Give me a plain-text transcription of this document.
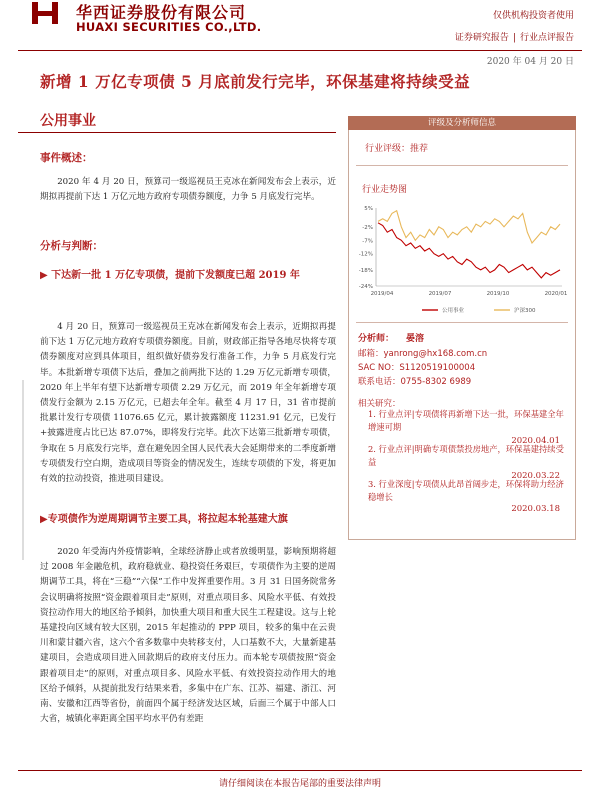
华西证券股份有限公司
HUAXI SECURITIES CO.,LTD.
仅供机构投资者使用
证券研究报告 | 行业点评报告
2020 年 04 月 20 日
新增 1 万亿专项债 5 月底前发行完毕，环保基建将持续受益
公用事业
事件概述：
2020 年 4 月 20 日，预算司一级巡视员王克冰在新闻发布会上表示，近期拟再提前下达 1 万亿元地方政府专项债券额度，力争 5 月底发行完毕。
分析与判断：
▶ 下达新一批 1 万亿专项债，提前下发额度已超 2019 年
4 月 20 日，预算司一级巡视员王克冰在新闻发布会上表示，近期拟再提前下达 1 万亿元地方政府专项债券额度。目前，财政部正指导各地尽快将专项债券额度对应到具体项目，组织做好债券发行准备工作，力争 5 月底发行完毕。本批新增专项债下达后，叠加之前两批下达的 1.29 万亿元新增专项债，2020 年上半年有望下达新增专项债 2.29 万亿元，而 2019 年全年新增专项债发行金额为 2.15 万亿元，已超去年全年。截至 4 月 17 日，31 省市提前批累计发行专项债 11076.65 亿元，累计披露额度 11231.91 亿元，已发行+披露进度占比已达 87.07%，即将发行完毕。此次下达第三批新增专项债，争取在 5 月底发行完毕，意在避免因全国人民代表大会延期带来的二季度新增专项债发行空白期，造成项目等资金的情况发生，连续专项债的下发，将更加有效的拉动投资，推进项目建设。
▶专项债作为逆周期调节主要工具，将拉起本轮基建大旗
2020 年受海内外疫情影响，全球经济静止或者放缓明显，影响预期将超过 2008 年金融危机，政府稳就业、稳投资任务艰巨，专项债作为主要的逆周期调节工具，将在“三稳”“六保”工作中发挥重要作用。3 月 31 日国务院常务会议明确将按照“资金跟着项目走”原则，对重点项目多、风险水平低、有效投资拉动作用大的地区给予倾斜，加快重大项目和重大民生工程建设。这与上轮基建投向区域有较大区别，2015 年起推动的 PPP 项目，较多的集中在云贵川和蒙甘疆六省，这六个省多数靠中央转移支付，人口基数不大，大量新建基建项目，会造成项目进入回款期后的政府支付压力。而本轮专项债按照“资金跟着项目走”的原则，对重点项目多、风险水平低、有效投资拉动作用大的地区给予倾斜，从提前批发行结果来看，多集中在广东、江苏、福建、浙江、河南、安徽和江西等省份，前面四个属于经济发达区域，后面三个属于中部人口大省，城镇化率距离全国平均水平仍有差距
评级及分析师信息
行业评级：推荐
行业走势图
5%
-2%
-7%
-12%
-18%
-24%
2019/04	2019/07	2019/10	2020/01
公用事业	沪深300
分析师： 晏溶
邮箱：yanrong@hx168.com.cn
SAC NO：S1120519100004
联系电话：0755-8302 6989
相关研究：
1. 行业点评|专项债将再新增下达一批，环保基建全年增速可期
2020.04.01
2. 行业点评|明确专项债禁投房地产，环保基建持续受益
2020.03.22
3. 行业深度|专项债从此昂首阔步走，环保将助力经济稳增长
2020.03.18
请仔细阅读在本报告尾部的重要法律声明
